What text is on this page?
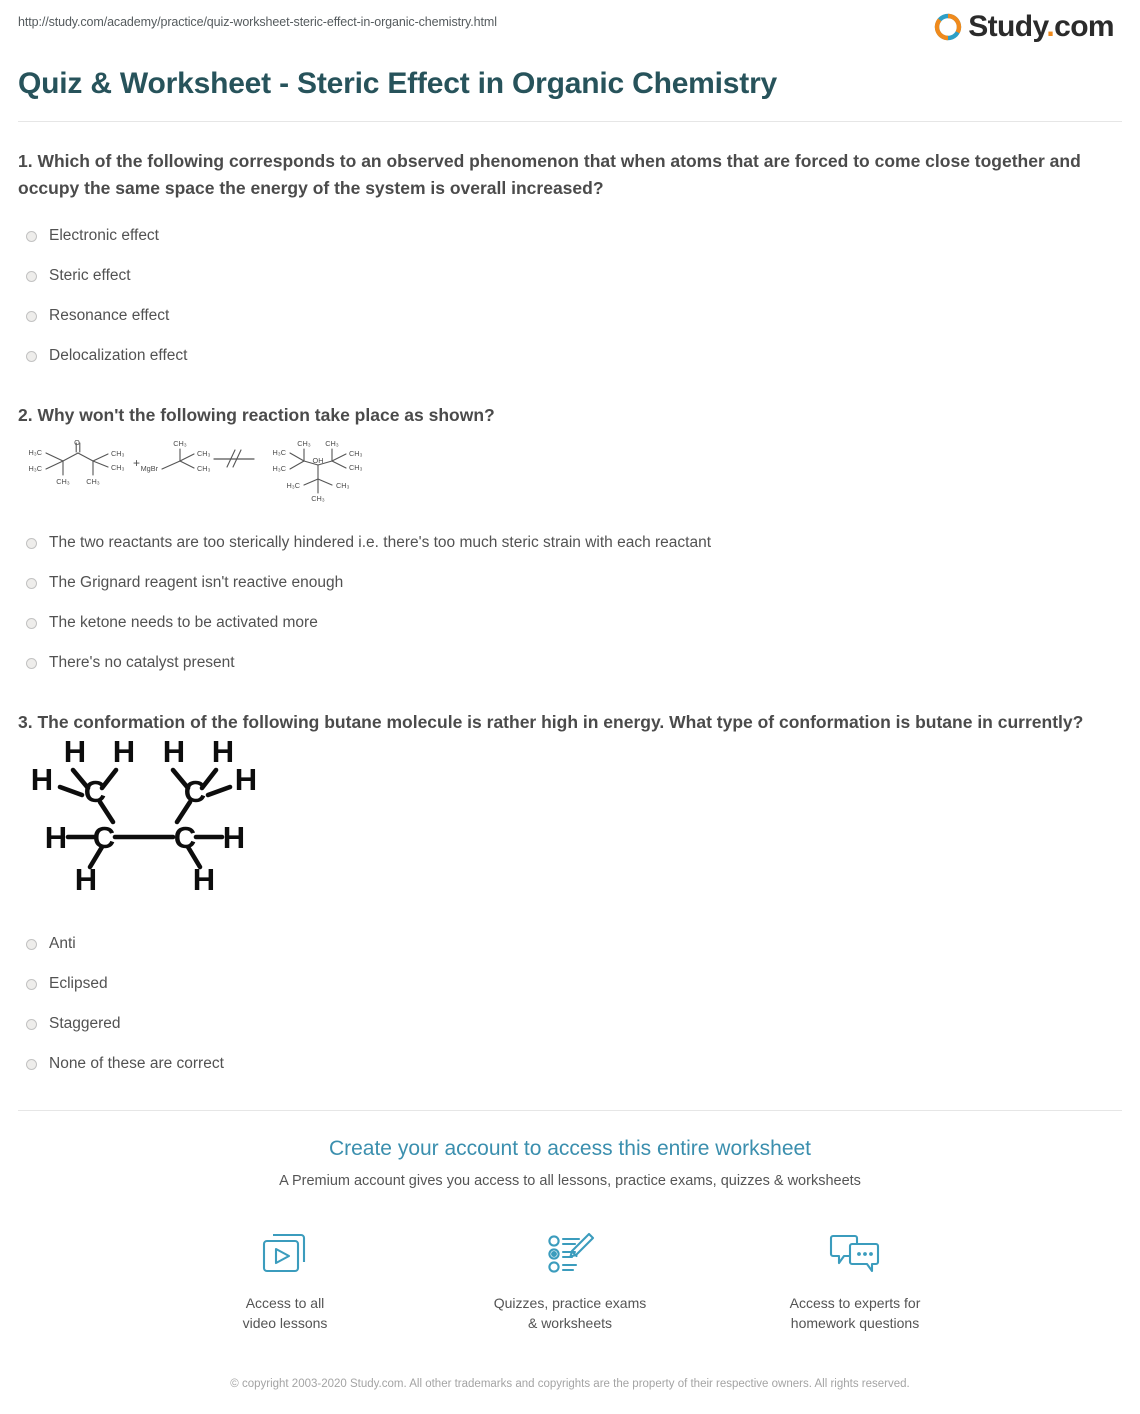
http://study.com/academy/practice/quiz-worksheet-steric-effect-in-organic-chemistry.html	Study.com
Quiz & Worksheet - Steric Effect in Organic Chemistry
1. Which of the following corresponds to an observed phenomenon that when atoms that are forced to come close together and occupy the same space the energy of the system is overall increased?
Electronic effect
Steric effect
Resonance effect
Delocalization effect
2. Why won't the following reaction take place as shown?
O
H₃C
H₃C
CH₃ CH₃
CH₃
CH₃ + MgBr
CH₃
CH₃
CH₃
H₃C
H₃C
CH₃ CH₃
OH
CH₃
CH₃
H₃C	CH₃
CH₃
The two reactants are too sterically hindered i.e. there's too much steric strain with each reactant
The Grignard reagent isn't reactive enough
The ketone needs to be activated more
There's no catalyst present
3. The conformation of the following butane molecule is rather high in energy. What type of conformation is butane in currently?
H H H H
H	H
C	C
H C C H
H	H
Anti
Eclipsed
Staggered
None of these are correct
Create your account to access this entire worksheet
A Premium account gives you access to all lessons, practice exams, quizzes & worksheets
Access to all
video lessons
Quizzes, practice exams
& worksheets
Access to experts for
homework questions
© copyright 2003-2020 Study.com. All other trademarks and copyrights are the property of their respective owners. All rights reserved.
